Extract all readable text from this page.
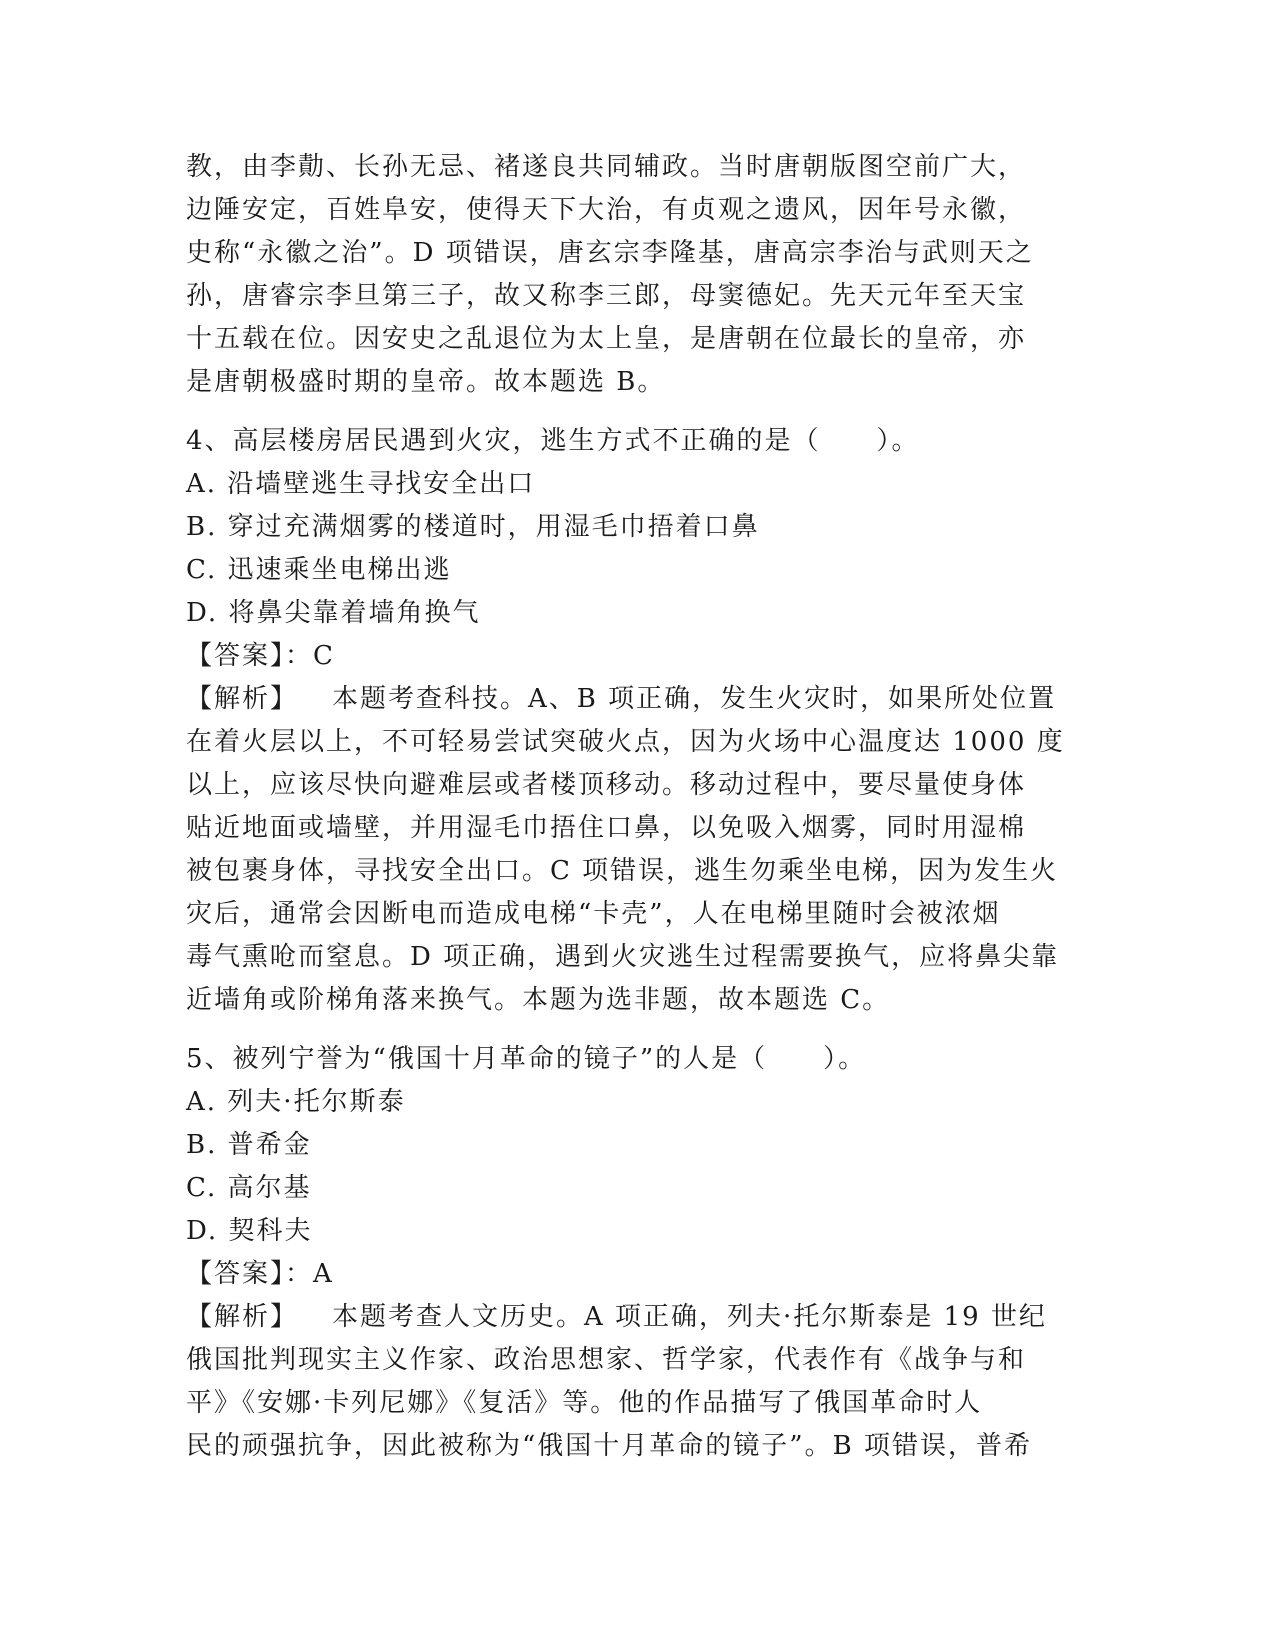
教，由李勣、长孙无忌、褚遂良共同辅政。当时唐朝版图空前广大，
边陲安定，百姓阜安，使得天下大治，有贞观之遗风，因年号永徽，
史称“永徽之治”。D 项错误，唐玄宗李隆基，唐高宗李治与武则天之
孙，唐睿宗李旦第三子，故又称李三郎，母窦德妃。先天元年至天宝
十五载在位。因安史之乱退位为太上皇，是唐朝在位最长的皇帝，亦
是唐朝极盛时期的皇帝。故本题选 B。
4、高层楼房居民遇到火灾，逃生方式不正确的是（　　）。
A. 沿墙壁逃生寻找安全出口
B. 穿过充满烟雾的楼道时，用湿毛巾捂着口鼻
C. 迅速乘坐电梯出逃
D. 将鼻尖靠着墙角换气
【答案】：C
【解析】 本题考查科技。A、B 项正确，发生火灾时，如果所处位置
在着火层以上，不可轻易尝试突破火点，因为火场中心温度达 1000 度
以上，应该尽快向避难层或者楼顶移动。移动过程中，要尽量使身体
贴近地面或墙壁，并用湿毛巾捂住口鼻，以免吸入烟雾，同时用湿棉
被包裹身体，寻找安全出口。C 项错误，逃生勿乘坐电梯，因为发生火
灾后，通常会因断电而造成电梯“卡壳”，人在电梯里随时会被浓烟
毒气熏呛而窒息。D 项正确，遇到火灾逃生过程需要换气，应将鼻尖靠
近墙角或阶梯角落来换气。本题为选非题，故本题选 C。
5、被列宁誉为“俄国十月革命的镜子”的人是（　　）。
A. 列夫·托尔斯泰
B. 普希金
C. 高尔基
D. 契科夫
【答案】：A
【解析】 本题考查人文历史。A 项正确，列夫·托尔斯泰是 19 世纪
俄国批判现实主义作家、政治思想家、哲学家，代表作有《战争与和
平》《安娜·卡列尼娜》《复活》等。他的作品描写了俄国革命时人
民的顽强抗争，因此被称为“俄国十月革命的镜子”。B 项错误，普希
